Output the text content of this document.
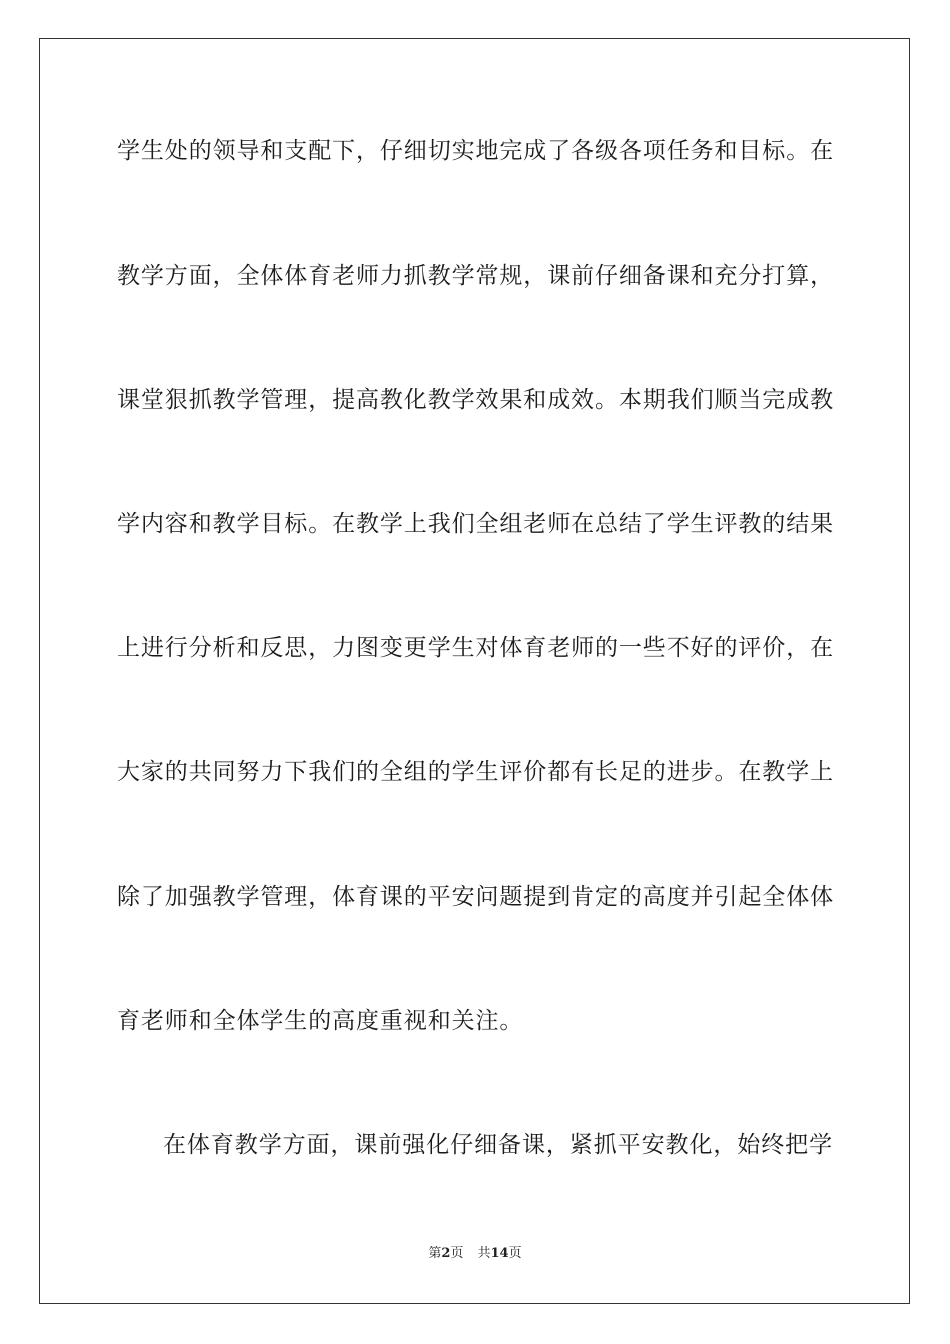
学生处的领导和支配下，仔细切实地完成了各级各项任务和目标。在
教学方面，全体体育老师力抓教学常规，课前仔细备课和充分打算，
课堂狠抓教学管理，提高教化教学效果和成效。本期我们顺当完成教
学内容和教学目标。在教学上我们全组老师在总结了学生评教的结果
上进行分析和反思，力图变更学生对体育老师的一些不好的评价，在
大家的共同努力下我们的全组的学生评价都有长足的进步。在教学上
除了加强教学管理，体育课的平安问题提到肯定的高度并引起全体体
育老师和全体学生的高度重视和关注。
在体育教学方面，课前强化仔细备课，紧抓平安教化，始终把学
第2页 共14页
